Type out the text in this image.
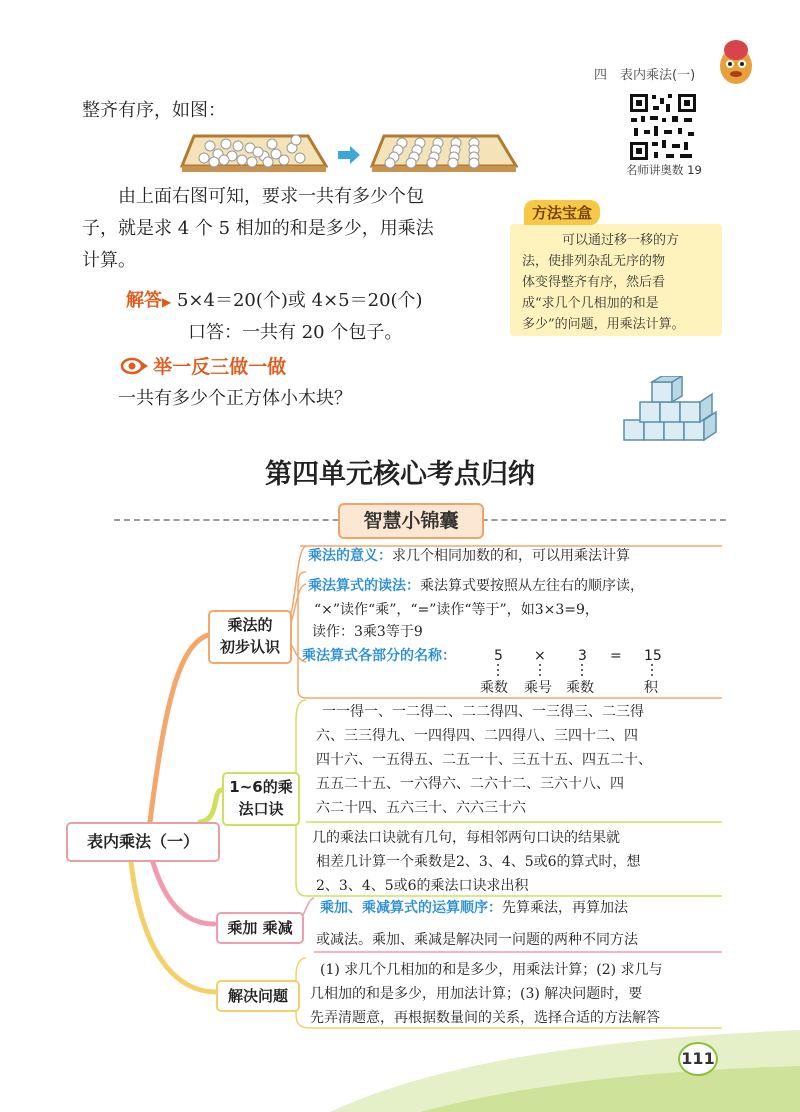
四　表内乘法(一)
名师讲奥数 19
整齐有序，如图：
由上面右图可知，要求一共有多少个包
子，就是求 4 个 5 相加的和是多少，用乘法
计算。
解答▶ 5×4＝20(个)或 4×5＝20(个)
口答：一共有 20 个包子。
举一反三做一做
一共有多少个正方体小木块？
方法宝盒
可以通过移一移的方
法，使排列杂乱无序的物
体变得整齐有序，然后看
成“求几个几相加的和是
多少”的问题，用乘法计算。
第四单元核心考点归纳
智慧小锦囊
表内乘法（一）
乘法的
初步认识
1~6的乘
法口诀
乘加 乘减
解决问题
乘法的意义：求几个相同加数的和，可以用乘法计算
乘法算式的读法：乘法算式要按照从左往右的顺序读，
“×”读作“乘”，“=”读作“等于”，如3×3=9，
读作：3乘3等于9
乘法算式各部分的名称：	5 × 3 = 15
乘数 乘号 乘数	积
一一得一、一二得二、二二得四、一三得三、二三得
六、三三得九、一四得四、二四得八、三四十二、四
四十六、一五得五、二五一十、三五十五、四五二十、
五五二十五、一六得六、二六十二、三六十八、四
六二十四、五六三十、六六三十六
几的乘法口诀就有几句，每相邻两句口诀的结果就
相差几计算一个乘数是2、3、4、5或6的算式时，想
2、3、4、5或6的乘法口诀求出积
乘加、乘减算式的运算顺序：先算乘法，再算加法
或减法。乘加、乘减是解决同一问题的两种不同方法
(1) 求几个几相加的和是多少，用乘法计算；(2) 求几与
几相加的和是多少，用加法计算；(3) 解决问题时，要
先弄清题意，再根据数量间的关系，选择合适的方法解答
111
